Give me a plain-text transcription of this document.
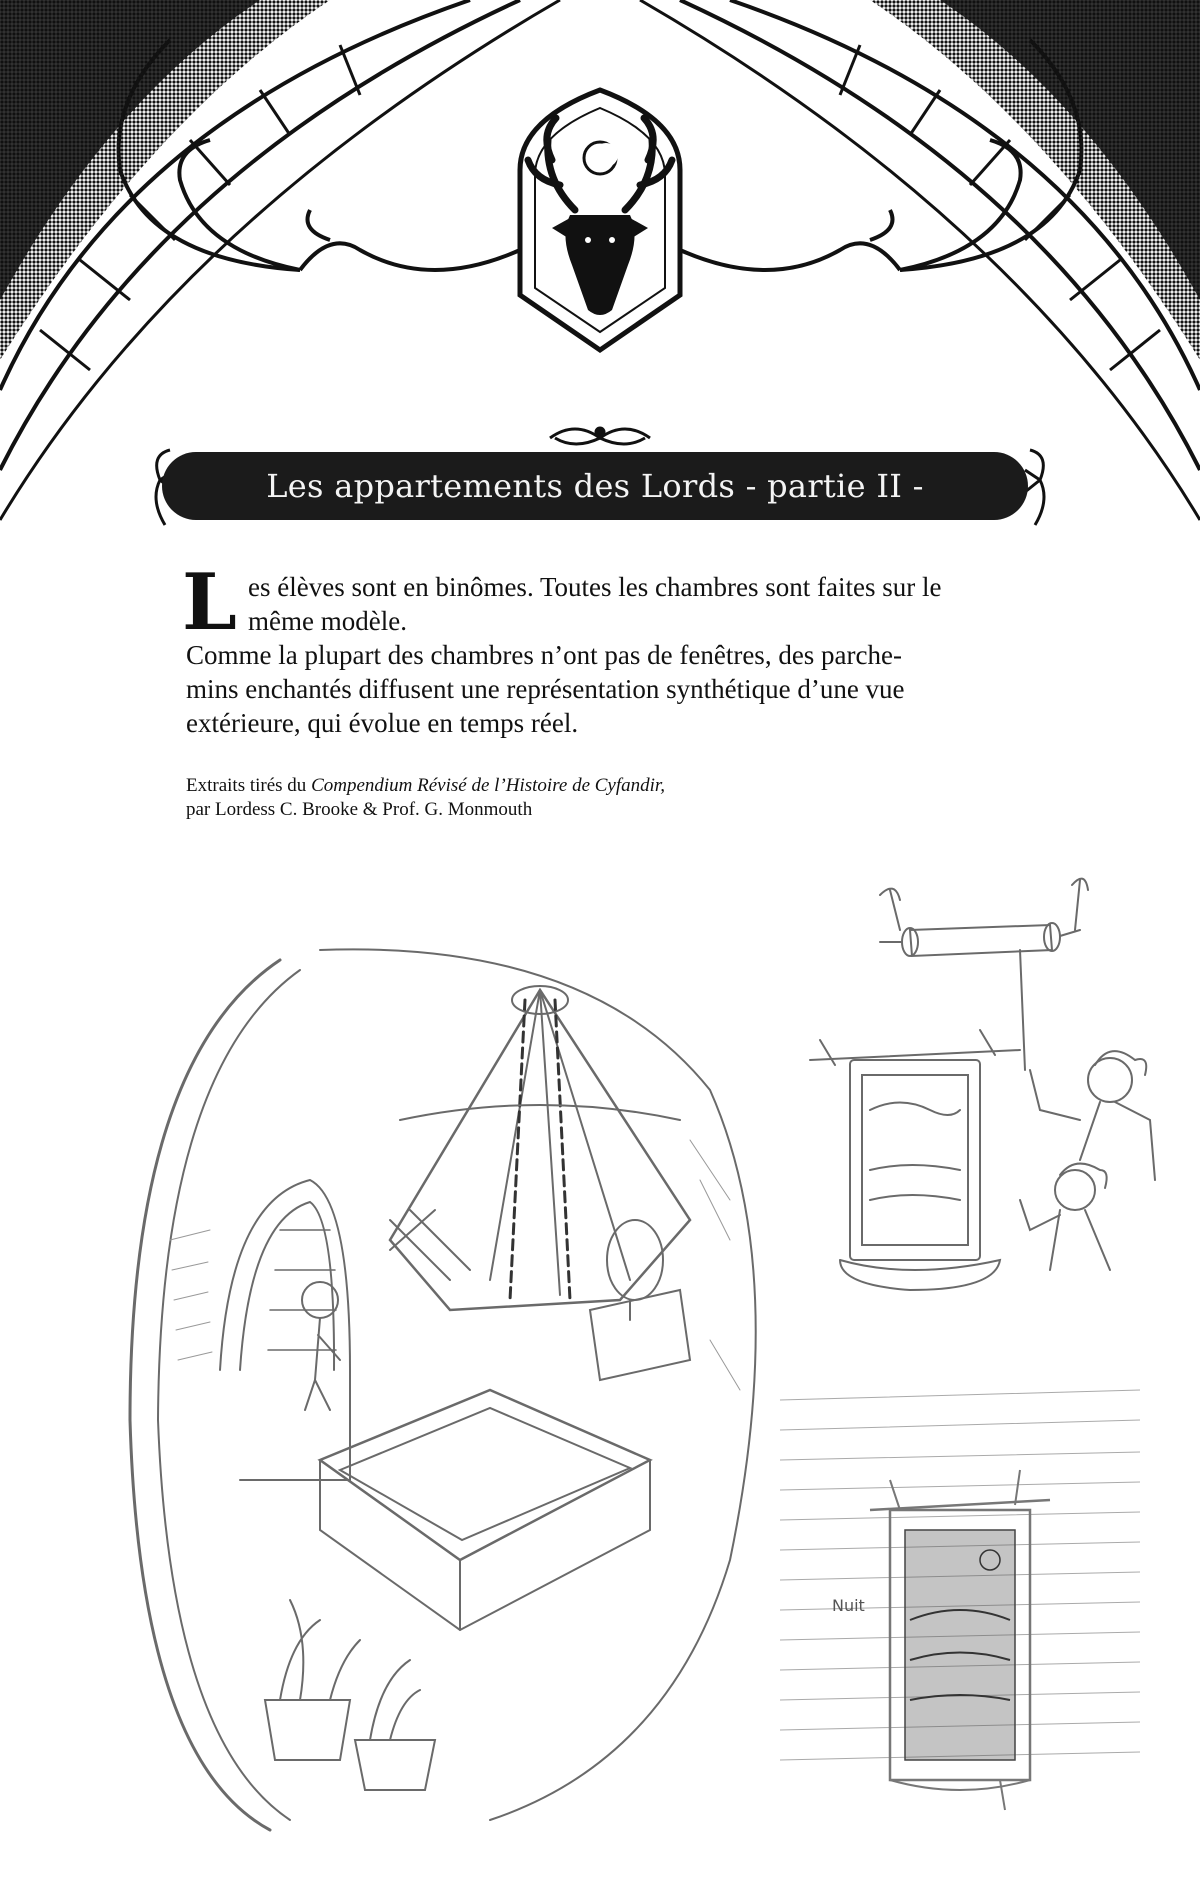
Les appartements des Lords - partie II -
L es élèves sont en binômes. Toutes les chambres sont faites sur le
même modèle.
Comme la plupart des chambres n’ont pas de fenêtres, des parche-
mins enchantés diffusent une représentation synthétique d’une vue
extérieure, qui évolue en temps réel.
Extraits tirés du Compendium Révisé de l’Histoire de Cyfandir,
par Lordess C. Brooke & Prof. G. Monmouth
Nuit
